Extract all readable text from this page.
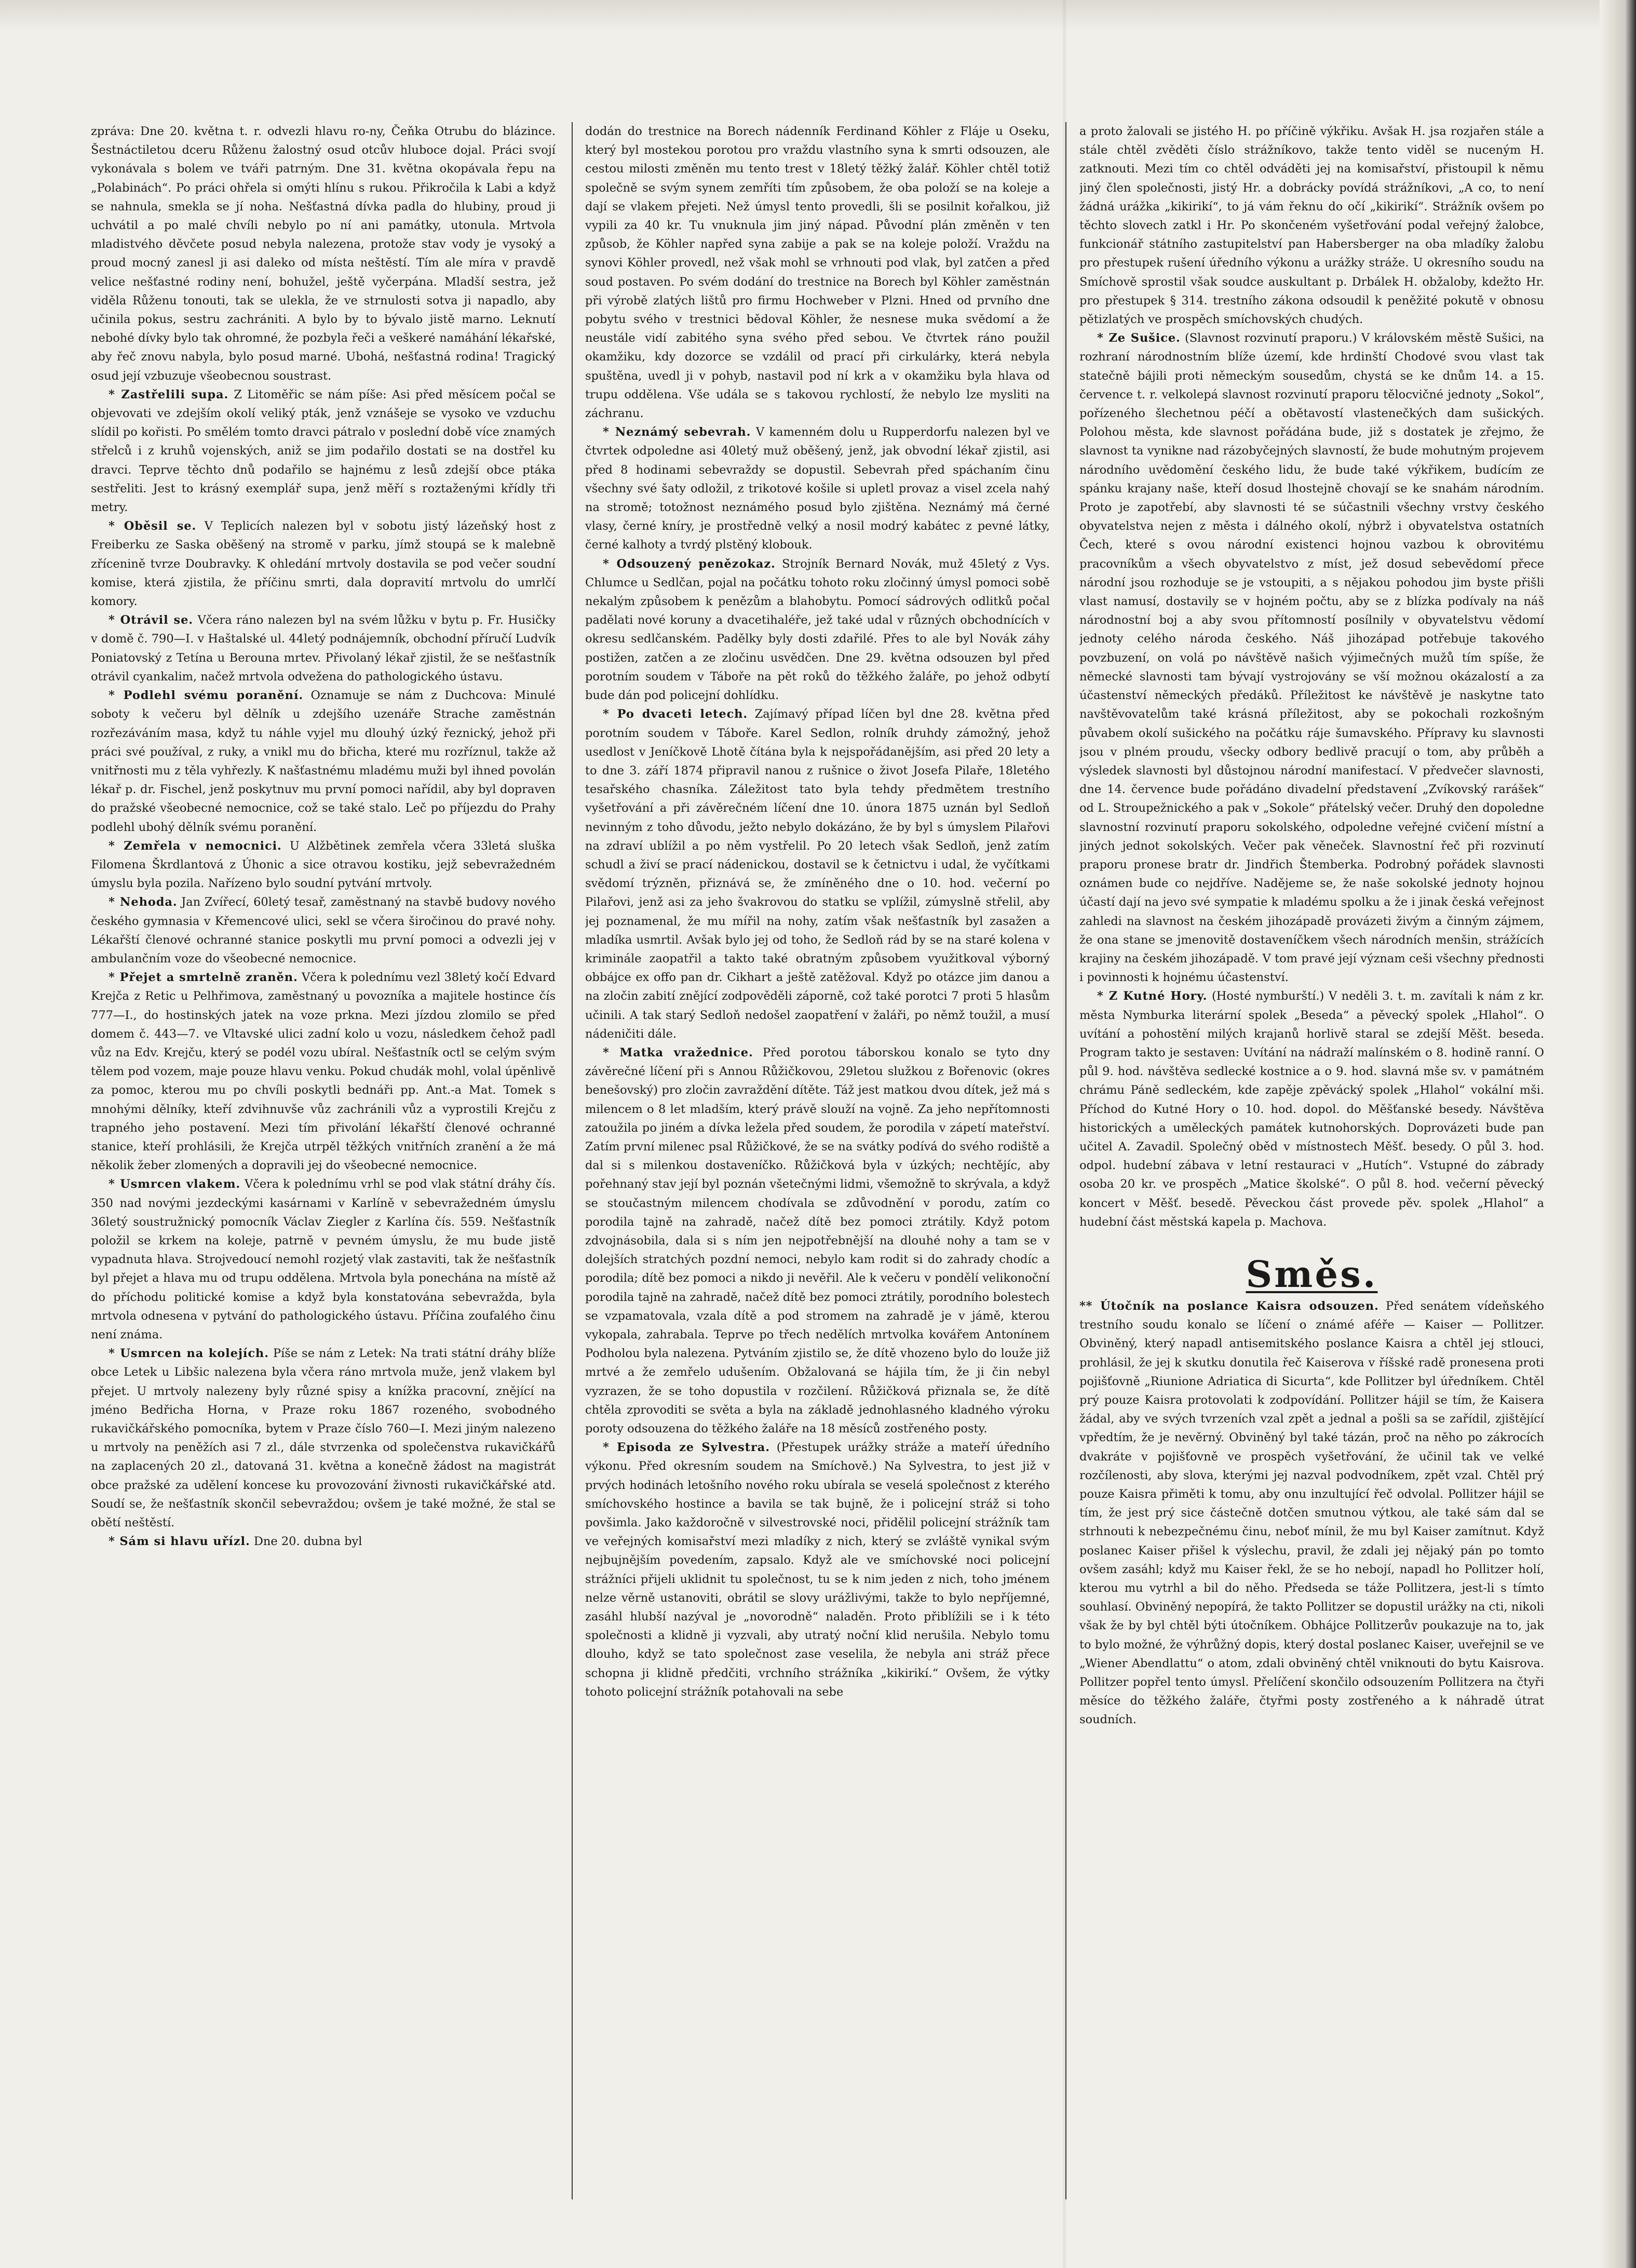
zpráva: Dne 20. května t. r. odvezli hlavu ro-ny, Čeňka Otrubu do blázince. Šestnáctiletou dceru Růženu žalostný osud otcův hluboce dojal. Práci svojí vykonávala s bolem ve tváři patrným. Dne 31. května okopávala řepu na „Polabinách“. Po práci ohřela si omýti hlínu s rukou. Přikročila k Labi a když se nahnula, smekla se jí noha. Nešťastná dívka padla do hlubiny, proud ji uchvátil a po malé chvíli nebylo po ní ani památky, utonula. Mrtvola mladistvého děvčete posud nebyla nalezena, protože stav vody je vysoký a proud mocný zanesl ji asi daleko od místa neštěstí. Tím ale míra v pravdě velice nešťastné rodiny není, bohužel, ještě vyčerpána. Mladší sestra, jež viděla Růženu tonouti, tak se ulekla, že ve strnulosti sotva ji napadlo, aby učinila pokus, sestru zachrániti. A bylo by to bývalo jistě marno. Leknutí nebohé dívky bylo tak ohromné, že pozbyla řeči a veškeré namáhání lékařské, aby řeč znovu nabyla, bylo posud marné. Ubohá, nešťastná rodina! Tragický osud její vzbuzuje všeobecnou soustrast.

* Zastřelili supa. Z Litoměřic se nám píše: Asi před měsícem počal se objevovati ve zdejším okolí veliký pták, jenž vznášeje se vysoko ve vzduchu slídil po kořisti. Po smělém tomto dravci pátralo v poslední době více znamých střelců i z kruhů vojenských, aniž se jim podařilo dostati se na dostřel ku dravci. Teprve těchto dnů podařilo se hajnému z lesů zdejší obce ptáka sestřeliti. Jest to krásný exemplář supa, jenž měří s roztaženými křídly tři metry.

* Oběsil se. V Teplicích nalezen byl v sobotu jistý lázeňský host z Freiberku ze Saska oběšený na stromě v parku, jímž stoupá se k malebně zřícenině tvrze Doubravky. K ohledání mrtvoly dostavila se pod večer soudní komise, která zjistila, že příčinu smrti, dala dopravití mrtvolu do umrlčí komory.

* Otrávil se. Včera ráno nalezen byl na svém lůžku v bytu p. Fr. Husičky v domě č. 790—I. v Haštalské ul. 44letý podnájemník, obchodní příručí Ludvík Poniatovský z Tetína u Berouna mrtev. Přivolaný lékař zjistil, že se nešťastník otrávil cyankalim, načež mrtvola odvežena do pathologického ústavu.

* Podlehl svému poranění. Oznamuje se nám z Duchcova: Minulé soboty k večeru byl dělník u zdejšího uzenáře Strache zaměstnán rozřezáváním masa, když tu náhle vyjel mu dlouhý úzký řeznický, jehož při práci své používal, z ruky, a vnikl mu do břicha, které mu rozříznul, takže až vnitřnosti mu z těla vyhřezly. K našťastnému mladému muži byl ihned povolán lékař p. dr. Fischel, jenž poskytnuv mu první pomoci nařídil, aby byl dopraven do pražské všeobecné nemocnice, což se také stalo. Leč po příjezdu do Prahy podlehl ubohý dělník svému poranění.

* Zemřela v nemocnici. U Alžbětinek zemřela včera 33letá sluška Filomena Škrdlantová z Úhonic a sice otravou kostiku, jejž sebevražedném úmyslu byla pozila. Nařízeno bylo soudní pytvání mrtvoly.

* Nehoda. Jan Zvířecí, 60letý tesař, zaměstnaný na stavbě budovy nového českého gymnasia v Křemencové ulici, sekl se včera širočinou do pravé nohy. Lékařští členové ochranné stanice poskytli mu první pomoci a odvezli jej v ambulančním voze do všeobecné nemocnice.

* Přejet a smrtelně zraněn. Včera k polednímu vezl 38letý kočí Edvard Krejča z Retic u Pelhřimova, zaměstnaný u povozníka a majitele hostince čís 777—I., do hostinských jatek na voze prkna. Mezi jízdou zlomilo se před domem č. 443—7. ve Vltavské ulici zadní kolo u vozu, následkem čehož padl vůz na Edv. Krejču, který se podél vozu ubíral. Nešťastník octl se celým svým tělem pod vozem, maje pouze hlavu venku. Pokud chudák mohl, volal úpěnlivě za pomoc, kterou mu po chvíli poskytli bednáři pp. Ant.-a Mat. Tomek s mnohými dělníky, kteří zdvihnuvše vůz zachránili vůz a vyprostili Krejču z trapného jeho postavení. Mezi tím přivolání lékařští členové ochranné stanice, kteří prohlásili, že Krejča utrpěl těžkých vnitřních zranění a že má několik žeber zlomených a dopravili jej do všeobecné nemocnice.

* Usmrcen vlakem. Včera k polednímu vrhl se pod vlak státní dráhy čís. 350 nad novými jezdeckými kasárnami v Karlíně v sebevražedném úmyslu 36letý soustružnický pomocník Václav Ziegler z Karlína čís. 559. Nešťastník položil se krkem na koleje, patrně v pevném úmyslu, že mu bude jistě vypadnuta hlava. Strojvedoucí nemohl rozjetý vlak zastaviti, tak že nešťastník byl přejet a hlava mu od trupu oddělena. Mrtvola byla ponechána na místě až do příchodu politické komise a když byla konstatována sebevražda, byla mrtvola odnesena v pytvání do pathologického ústavu. Příčina zoufalého činu není známa.

* Usmrcen na kolejích. Píše se nám z Letek: Na trati státní dráhy blíže obce Letek u Libšic nalezena byla včera ráno mrtvola muže, jenž vlakem byl přejet. U mrtvoly nalezeny byly různé spisy a knížka pracovní, znějící na jméno Bedřicha Horna, v Praze roku 1867 rozeného, svobodného rukavičkářského pomocníka, bytem v Praze číslo 760—I. Mezi jiným nalezeno u mrtvoly na peněžích asi 7 zl., dále stvrzenka od společenstva rukavičkářů na zaplacených 20 zl., datovaná 31. května a konečně žádost na magistrát obce pražské za udělení koncese ku provozování živnosti rukavičkářské atd. Soudí se, že nešťastník skončil sebevraždou; ovšem je také možné, že stal se obětí neštěstí.

* Sám si hlavu uřízl. Dne 20. dubna byl

dodán do trestnice na Borech nádenník Ferdinand Köhler z Fláje u Oseku, který byl mostekou porotou pro vraždu vlastního syna k smrti odsouzen, ale cestou milosti změněn mu tento trest v 18letý těžký žalář. Köhler chtěl totiž společně se svým synem zemříti tím způsobem, že oba položí se na koleje a dají se vlakem přejeti. Než úmysl tento provedli, šli se posilnit kořalkou, již vypili za 40 kr. Tu vnuknula jim jiný nápad. Původní plán změněn v ten způsob, že Köhler napřed syna zabije a pak se na koleje položí. Vraždu na synovi Köhler provedl, než však mohl se vrhnouti pod vlak, byl zatčen a před soud postaven. Po svém dodání do trestnice na Borech byl Köhler zaměstnán při výrobě zlatých lištů pro firmu Hochweber v Plzni. Hned od prvního dne pobytu svého v trestnici bědoval Köhler, že nesnese muka svědomí a že neustále vidí zabitého syna svého před sebou. Ve čtvrtek ráno použil okamžiku, kdy dozorce se vzdálil od prací při cirkulárky, která nebyla spuštěna, uvedl ji v pohyb, nastavil pod ní krk a v okamžiku byla hlava od trupu oddělena. Vše udála se s takovou rychlostí, že nebylo lze mysliti na záchranu.

* Neznámý sebevrah. V kamenném dolu u Rupperdorfu nalezen byl ve čtvrtek odpoledne asi 40letý muž oběšený, jenž, jak obvodní lékař zjistil, asi před 8 hodinami sebevraždy se dopustil. Sebevrah před spáchaním činu všechny své šaty odložil, z trikotové košile si upletl provaz a visel zcela nahý na stromě; totožnost neznámého posud bylo zjištěna. Neznámý má černé vlasy, černé kníry, je prostředně velký a nosil modrý kabátec z pevné látky, černé kalhoty a tvrdý plstěný klobouk.

* Odsouzený penězokaz. Strojník Bernard Novák, muž 45letý z Vys. Chlumce u Sedlčan, pojal na počátku tohoto roku zločinný úmysl pomoci sobě nekalým způsobem k penězům a blahobytu. Pomocí sádrových odlitků počal padělati nové koruny a dvacetihaléře, jež také udal v různých obchodnících v okresu sedlčanském. Padělky byly dosti zdařilé. Přes to ale byl Novák záhy postižen, zatčen a ze zločinu usvědčen. Dne 29. května odsouzen byl před porotním soudem v Táboře na pět roků do těžkého žaláře, po jehož odbytí bude dán pod policejní dohlídku.

* Po dvaceti letech. Zajímavý případ líčen byl dne 28. května před porotním soudem v Táboře. Karel Sedlon, rolník druhdy zámožný, jehož usedlost v Jeníčkově Lhotě čítána byla k nejspořádanějším, asi před 20 lety a to dne 3. září 1874 připravil nanou z rušnice o život Josefa Pilaře, 18letého tesařského chasníka. Záležitost tato byla tehdy předmětem trestního vyšetřování a při závěrečném líčení dne 10. února 1875 uznán byl Sedloň nevinným z toho důvodu, ježto nebylo dokázáno, že by byl s úmyslem Pilařovi na zdraví ublížil a po něm vystřelil. Po 20 letech však Sedloň, jenž zatím schudl a živí se prací nádenickou, dostavil se k četnictvu i udal, že vyčítkami svědomí trýzněn, přiznává se, že zmíněného dne o 10. hod. večerní po Pilařovi, jenž asi za jeho švakrovou do statku se vplížil, zúmyslně střelil, aby jej poznamenal, že mu mířil na nohy, zatím však nešťastník byl zasažen a mladíka usmrtil. Avšak bylo jej od toho, že Sedloň rád by se na staré kolena v kriminále zaopatřil a takto také obratným způsobem využitkoval výborný obbájce ex offo pan dr. Cikhart a ještě zatěžoval. Když po otázce jim danou a na zločin zabití znějící zodpověděli záporně, což také porotci 7 proti 5 hlasům učinili. A tak starý Sedloň nedošel zaopatření v žaláři, po němž toužil, a musí nádeničiti dále.

* Matka vražednice. Před porotou táborskou konalo se tyto dny závěrečné líčení při s Annou Růžičkovou, 29letou služkou z Bořenovic (okres benešovský) pro zločin zavraždění dítěte. Táž jest matkou dvou dítek, jež má s milencem o 8 let mladším, který právě slouží na vojně. Za jeho nepřítomnosti zatoužila po jiném a dívka ležela před soudem, že porodila v zápetí mateřství. Zatím první milenec psal Růžičkové, že se na svátky podívá do svého rodiště a dal si s milenkou dostaveníčko. Růžičková byla v úzkých; nechtějíc, aby pořehnaný stav její byl poznán všetečnými lidmi, všemožně to skrývala, a když se stoučastným milencem chodívala se zdůvodnění v porodu, zatím co porodila tajně na zahradě, načež dítě bez pomoci ztrátily. Když potom zdvojnásobila, dala si s ním jen nejpotřebnější na dlouhé nohy a tam se v dolejších stratchých pozdní nemoci, nebylo kam rodit si do zahrady chodíc a porodila; dítě bez pomoci a nikdo ji nevěřil. Ale k večeru v pondělí velikonoční porodila tajně na zahradě, načež dítě bez pomoci ztrátily, porodního bolestech se vzpamatovala, vzala dítě a pod stromem na zahradě je v jámě, kterou vykopala, zahrabala. Teprve po třech nedělích mrtvolka kovářem Antonínem Podholou byla nalezena. Pytváním zjistilo se, že dítě vhozeno bylo do louže již mrtvé a že zemřelo udušením. Obžalovaná se hájila tím, že ji čin nebyl vyzrazen, že se toho dopustila v rozčilení. Růžičková přiznala se, že dítě chtěla zprovoditi se světa a byla na základě jednohlasného kladného výroku poroty odsouzena do těžkého žaláře na 18 měsíců zostřeného posty.

* Episoda ze Sylvestra. (Přestupek urážky stráže a mateří úředního výkonu. Před okresním soudem na Smíchově.) Na Sylvestra, to jest již v prvých hodinách letošního nového roku ubírala se veselá společnost z kterého smíchovského hostince a bavila se tak bujně, že i policejní stráž si toho povšimla. Jako každoročně v silvestrovské noci, přidělil policejní strážník tam ve veřejných komisařství mezi mladíky z nich, který se zvláště vynikal svým nejbujnějším povedením, zapsalo. Když ale ve smíchovské noci policejní strážníci přijeli uklidnit tu společnost, tu se k nim jeden z nich, toho jménem nelze věrně ustanoviti, obrátil se slovy urážlivými, takže to bylo nepříjemné, zasáhl hlubší nazýval je „novorodně“ naladěn. Proto přiblížili se i k této společnosti a klidně ji vyzvali, aby utratý noční klid nerušila. Nebylo tomu dlouho, když se tato společnost zase veselila, že nebyla ani stráž přece schopna ji klidně předčiti, vrchního strážníka „kikirikí.“ Ovšem, že výtky tohoto policejní strážník potahovali na sebe

a proto žalovali se jistého H. po příčině výkřiku. Avšak H. jsa rozjařen stále a stále chtěl zvěděti číslo strážníkovo, takže tento viděl se nuceným H. zatknouti. Mezi tím co chtěl odváděti jej na komisařství, přistoupil k němu jiný člen společnosti, jistý Hr. a dobrácky povídá strážníkovi, „A co, to není žádná urážka „kikirikí“, to já vám řeknu do očí „kikirikí“. Strážník ovšem po těchto slovech zatkl i Hr. Po skončeném vyšetřování podal veřejný žalobce, funkcionář státního zastupitelství pan Habersberger na oba mladíky žalobu pro přestupek rušení úředního výkonu a urážky stráže. U okresního soudu na Smíchově sprostil však soudce auskultant p. Drbálek H. obžaloby, kdežto Hr. pro přestupek § 314. trestního zákona odsoudil k peněžité pokutě v obnosu pětizlatých ve prospěch smíchovských chudých.

* Ze Sušice. (Slavnost rozvinutí praporu.) V královském městě Sušici, na rozhraní národnostním blíže území, kde hrdinští Chodové svou vlast tak statečně bájili proti německým sousedům, chystá se ke dnům 14. a 15. července t. r. velkolepá slavnost rozvinutí praporu tělocvičné jednoty „Sokol“, pořízeného šlechetnou péčí a obětavostí vlastenečkých dam sušických. Polohou města, kde slavnost pořádána bude, již s dostatek je zřejmo, že slavnost ta vynikne nad rázobyčejných slavností, že bude mohutným projevem národního uvědomění českého lidu, že bude také výkřikem, budícím ze spánku krajany naše, kteří dosud lhostejně chovají se ke snahám národním. Proto je zapotřebí, aby slavnosti té se súčastnili všechny vrstvy českého obyvatelstva nejen z města i dálného okolí, nýbrž i obyvatelstva ostatních Čech, které s ovou národní existenci hojnou vazbou k obrovitému pracovníkům a všech obyvatelstvo z míst, jež dosud sebevědomí přece národní jsou rozhoduje se je vstoupiti, a s nějakou pohodou jim byste přišli vlast namusí, dostavily se v hojném počtu, aby se z blízka podívaly na náš národnostní boj a aby svou přítomností posílnily v obyvatelstvu vědomí jednoty celého národa českého. Náš jihozápad potřebuje takového povzbuzení, on volá po návštěvě našich výjimečných mužů tím spíše, že německé slavnosti tam bývají vystrojovány se vší možnou okázalostí a za účastenství německých předáků. Příležitost ke návštěvě je naskytne tato navštěvovatelům také krásná příležitost, aby se pokochali rozkošným půvabem okolí sušického na počátku ráje šumavského. Přípravy ku slavnosti jsou v plném proudu, všecky odbory bedlivě pracují o tom, aby průběh a výsledek slavnosti byl důstojnou národní manifestací. V předvečer slavnosti, dne 14. července bude pořádáno divadelní představení „Zvíkovský rarášek“ od L. Stroupežnického a pak v „Sokole“ přátelský večer. Druhý den dopoledne slavnostní rozvinutí praporu sokolského, odpoledne veřejné cvičení místní a jiných jednot sokolských. Večer pak věneček. Slavnostní řeč při rozvinutí praporu pronese bratr dr. Jindřich Štemberka. Podrobný pořádek slavnosti oznámen bude co nejdříve. Nadějeme se, že naše sokolské jednoty hojnou účastí dají na jevo své sympatie k mladému spolku a že i jinak česká veřejnost zahledi na slavnost na českém jihozápadě provázeti živým a činným zájmem, že ona stane se jmenovitě dostaveníčkem všech národních menšin, strážících krajiny na českém jihozápadě. V tom pravé její význam ceši všechny přednosti i povinnosti k hojnému účastenství.

* Z Kutné Hory. (Hosté nymburští.) V neděli 3. t. m. zavítali k nám z kr. města Nymburka literární spolek „Beseda“ a pěvecký spolek „Hlahol“. O uvítání a pohostění milých krajanů horlivě staral se zdejší Měšt. beseda. Program takto je sestaven: Uvítání na nádraží malínském o 8. hodině ranní. O půl 9. hod. návštěva sedlecké kostnice a o 9. hod. slavná mše sv. v památném chrámu Páně sedleckém, kde zapěje zpěvácký spolek „Hlahol“ vokální mši. Příchod do Kutné Hory o 10. hod. dopol. do Měšťanské besedy. Návštěva historických a uměleckých památek kutnohorských. Doprovázeti bude pan učitel A. Zavadil. Společný oběd v místnostech Měšť. besedy. O půl 3. hod. odpol. hudební zábava v letní restauraci v „Hutích“. Vstupné do zábrady osoba 20 kr. ve prospěch „Matice školské“. O půl 8. hod. večerní pěvecký koncert v Měšť. besedě. Pěveckou část provede pěv. spolek „Hlahol“ a hudební část městská kapela p. Machova.

Směs.

** Útočník na poslance Kaisra odsouzen. Před senátem vídeňského trestního soudu konalo se líčení o známé aféře — Kaiser — Pollitzer. Obviněný, který napadl antisemitského poslance Kaisra a chtěl jej stlouci, prohlásil, že jej k skutku donutila řeč Kaiserova v říšské radě pronesena proti pojišťovně „Riunione Adriatica di Sicurta“, kde Pollitzer byl úředníkem. Chtěl prý pouze Kaisra protovolati k zodpovídání. Pollitzer hájil se tím, že Kaisera žádal, aby ve svých tvrzeních vzal zpět a jednal a pošli sa se zařídil, zjištějící vpředtím, že je nevěrný. Obviněný byl také tázán, proč na něho po zákrocích dvakráte v pojišťovně ve prospěch vyšetřování, že učinil tak ve velké rozčílenosti, aby slova, kterými jej nazval podvodníkem, zpět vzal. Chtěl prý pouze Kaisra přiměti k tomu, aby onu inzultující řeč odvolal. Pollitzer hájil se tím, že jest prý sice částečně dotčen smutnou výtkou, ale také sám dal se strhnouti k nebezpečnému činu, neboť mínil, že mu byl Kaiser zamítnut. Když poslanec Kaiser přišel k výslechu, pravil, že zdali jej nějaký pán po tomto ovšem zasáhl; když mu Kaiser řekl, že se ho nebojí, napadl ho Pollitzer holí, kterou mu vytrhl a bil do něho. Předseda se táže Pollitzera, jest-li s tímto souhlasí. Obviněný nepopírá, že takto Pollitzer se dopustil urážky na cti, nikoli však že by byl chtěl býti útočníkem. Obhájce Pollitzerův poukazuje na to, jak to bylo možné, že výhrůžný dopis, který dostal poslanec Kaiser, uveřejnil se ve „Wiener Abendlattu“ o atom, zdali obviněný chtěl vniknouti do bytu Kaisrova. Pollitzer popřel tento úmysl. Přelíčení skončilo odsouzením Pollitzera na čtyři měsíce do těžkého žaláře, čtyřmi posty zostřeného a k náhradě útrat soudních.
